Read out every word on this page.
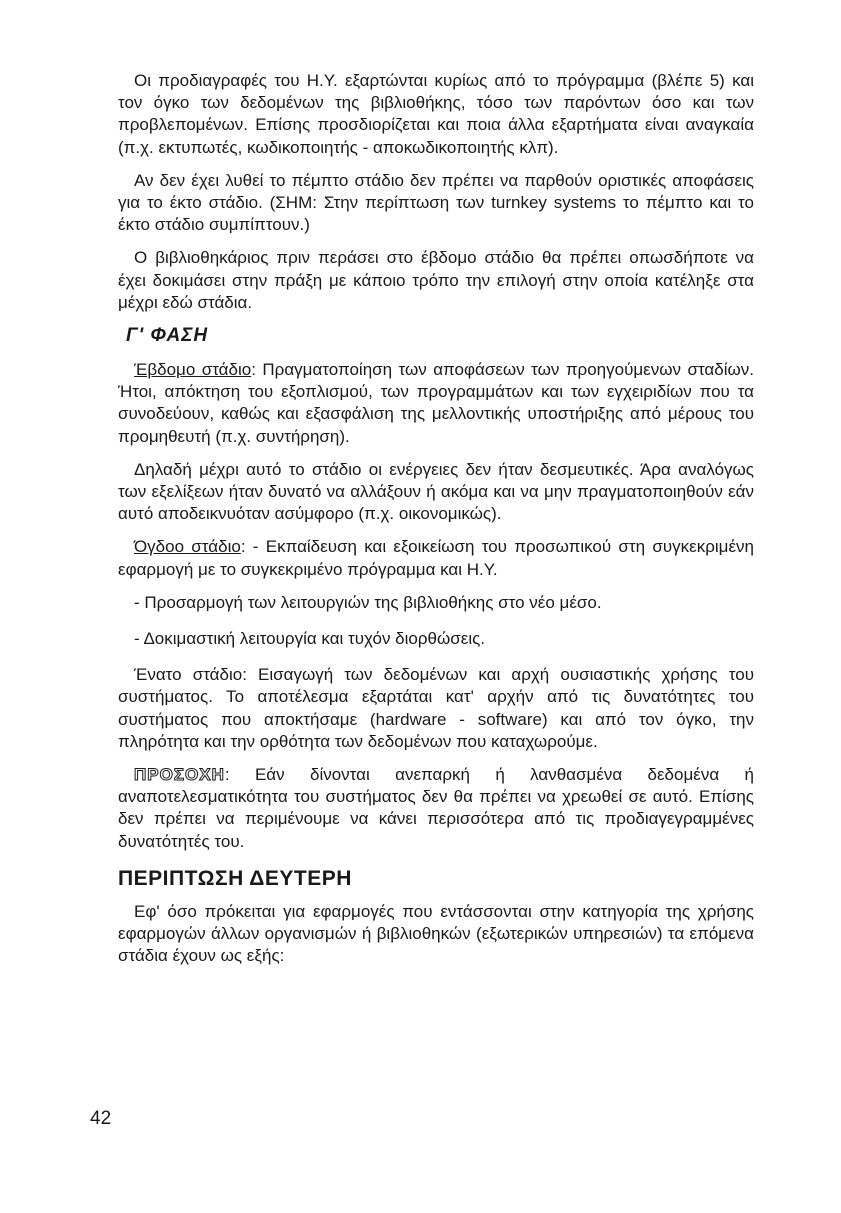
Οι προδιαγραφές του Η.Υ. εξαρτώνται κυρίως από το πρόγραμμα (βλέπε 5) και τον όγκο των δεδομένων της βιβλιοθήκης, τόσο των παρόντων όσο και των προβλεπομένων. Επίσης προσδιορίζεται και ποια άλλα εξαρτήματα είναι αναγκαία (π.χ. εκτυπωτές, κωδικοποιητής - αποκωδικοποιητής κλπ).

Αν δεν έχει λυθεί το πέμπτο στάδιο δεν πρέπει να παρθούν οριστικές αποφάσεις για το έκτο στάδιο. (ΣΗΜ: Στην περίπτωση των turnkey systems το πέμπτο και το έκτο στάδιο συμπίπτουν.)

Ο βιβλιοθηκάριος πριν περάσει στο έβδομο στάδιο θα πρέπει οπωσδήποτε να έχει δοκιμάσει στην πράξη με κάποιο τρόπο την επιλογή στην οποία κατέληξε στα μέχρι εδώ στάδια.

Γ' ΦΑΣΗ

Έβδομο στάδιο: Πραγματοποίηση των αποφάσεων των προηγούμενων σταδίων. Ήτοι, απόκτηση του εξοπλισμού, των προγραμμάτων και των εγχειριδίων που τα συνοδεύουν, καθώς και εξασφάλιση της μελλοντικής υποστήριξης από μέρους του προμηθευτή (π.χ. συντήρηση).

Δηλαδή μέχρι αυτό το στάδιο οι ενέργειες δεν ήταν δεσμευτικές. Άρα αναλόγως των εξελίξεων ήταν δυνατό να αλλάξουν ή ακόμα και να μην πραγματοποιηθούν εάν αυτό αποδεικνυόταν ασύμφορο (π.χ. οικονομικώς).

Όγδοο στάδιο: - Εκπαίδευση και εξοικείωση του προσωπικού στη συγκεκριμένη εφαρμογή με το συγκεκριμένο πρόγραμμα και Η.Υ.

- Προσαρμογή των λειτουργιών της βιβλιοθήκης στο νέο μέσο.

- Δοκιμαστική λειτουργία και τυχόν διορθώσεις.

Ένατο στάδιο: Εισαγωγή των δεδομένων και αρχή ουσιαστικής χρήσης του συστήματος. Το αποτέλεσμα εξαρτάται κατ' αρχήν από τις δυνατότητες του συστήματος που αποκτήσαμε (hardware - software) και από τον όγκο, την πληρότητα και την ορθότητα των δεδομένων που καταχωρούμε.

ΠΡΟΣΟΧΗ: Εάν δίνονται ανεπαρκή ή λανθασμένα δεδομένα ή αναποτελεσματικότητα του συστήματος δεν θα πρέπει να χρεωθεί σε αυτό. Επίσης δεν πρέπει να περιμένουμε να κάνει περισσότερα από τις προδιαγεγραμμένες δυνατότητές του.

ΠΕΡΙΠΤΩΣΗ ΔΕΥΤΕΡΗ

Εφ' όσο πρόκειται για εφαρμογές που εντάσσονται στην κατηγορία της χρήσης εφαρμογών άλλων οργανισμών ή βιβλιοθηκών (εξωτερικών υπηρεσιών) τα επόμενα στάδια έχουν ως εξής:

42
